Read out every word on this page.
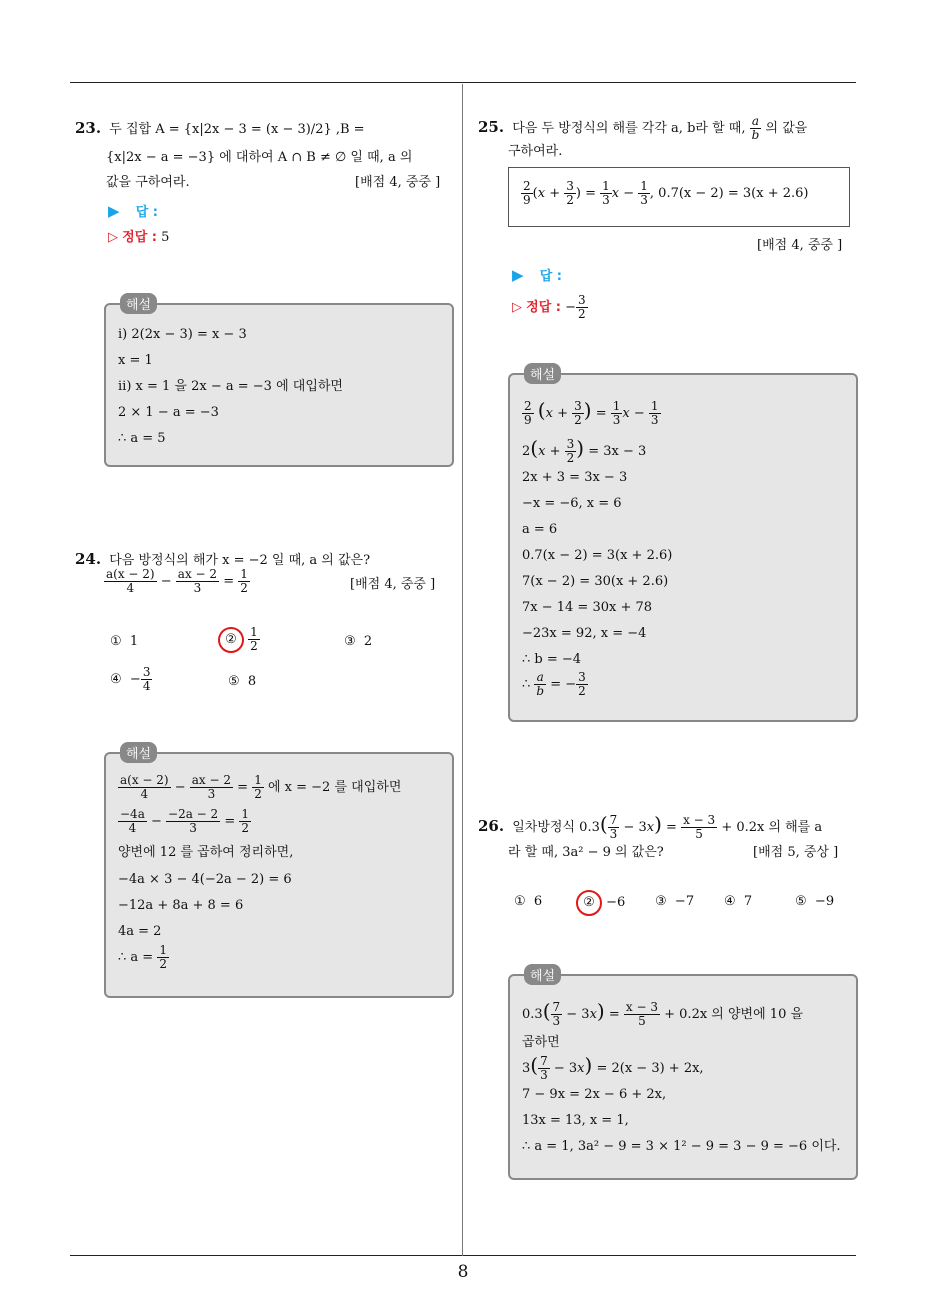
8
23. 두 집합 A = {x|2x − 3 = (x − 3)/2} ,B =
{x|2x − a = −3} 에 대하여 A ∩ B ≠ ∅ 일 때, a 의
값을 구하여라.	[배점 4, 중중 ]
▶ 답 :
▷ 정답 : 5
해설
ⅰ) 2(2x − 3) = x − 3
x = 1
ⅱ) x = 1 을 2x − a = −3 에 대입하면
2 × 1 − a = −3
∴ a = 5
24. 다음 방정식의 해가 x = −2 일 때, a 의 값은?
$\frac{a(x - 2)}{4} - \frac{ax - 2}{3} = \frac{1}{2}$	[배점 4, 중중 ]
① 1	② $\frac{1}{2}$	③ 2
④ − $\frac{3}{4}$	⑤ 8
해설
$\frac{a(x - 2)}{4} - \frac{ax - 2}{3} = \frac{1}{2}$ 에 x = −2 를 대입하면
$\frac{-4a}{4} - \frac{-2a - 2}{3} = \frac{1}{2}$
양변에 12 를 곱하여 정리하면,
−4a × 3 − 4(−2a − 2) = 6
−12a + 8a + 8 = 6
4a = 2
∴ $a = \frac{1}{2}$
25. 다음 두 방정식의 해를 각각 a, b라 할 때, $\frac{a}{b}$ 의 값을
구하여라.
$\frac{2}{9} (x + \frac{3}{2}$ ) = $\frac{1}{3}$ $x - \frac{1}{3}$ , 0.7(x − 2) = 3(x + 2.6)
[배점 4, 중중 ]
▶ 답 :
▷ 정답 : − $\frac{3}{2}$
해설
$\frac{2}{9} (x + \frac{3}{2}$ ) = $\frac{1}{3}$ $x - \frac{1}{3}$
$2(x + \frac{3}{2}$ ) = 3x − 3
2x + 3 = 3x − 3
−x = −6, x = 6
a = 6
0.7(x − 2) = 3(x + 2.6)
7(x − 2) = 30(x + 2.6)
7x − 14 = 30x + 78
−23x = 92, x = −4
∴ b = −4
∴ $\frac{a}{b}$ = − $\frac{3}{2}$
26. 일차방정식 $0.3( \frac{7}{3} - 3x) = \frac{x - 3}{5} + 0.2x$ 의 해를 a
라 할 때, 3a² − 9 의 값은?	[배점 5, 중상 ]
① 6	② −6 ③ −7 ④ 7	⑤ −9
해설
$0.3( \frac{7}{3} - 3x) = \frac{x - 3}{5} + 0.2x$ 의 양변에 10 을
곱하면
$3( \frac{7}{3} - 3x) = 2(x - 3) + 2x$,
7 − 9x = 2x − 6 + 2x,
13x = 13, x = 1,
∴ a = 1, 3a² − 9 = 3 × 1² − 9 = 3 − 9 = −6 이다.
